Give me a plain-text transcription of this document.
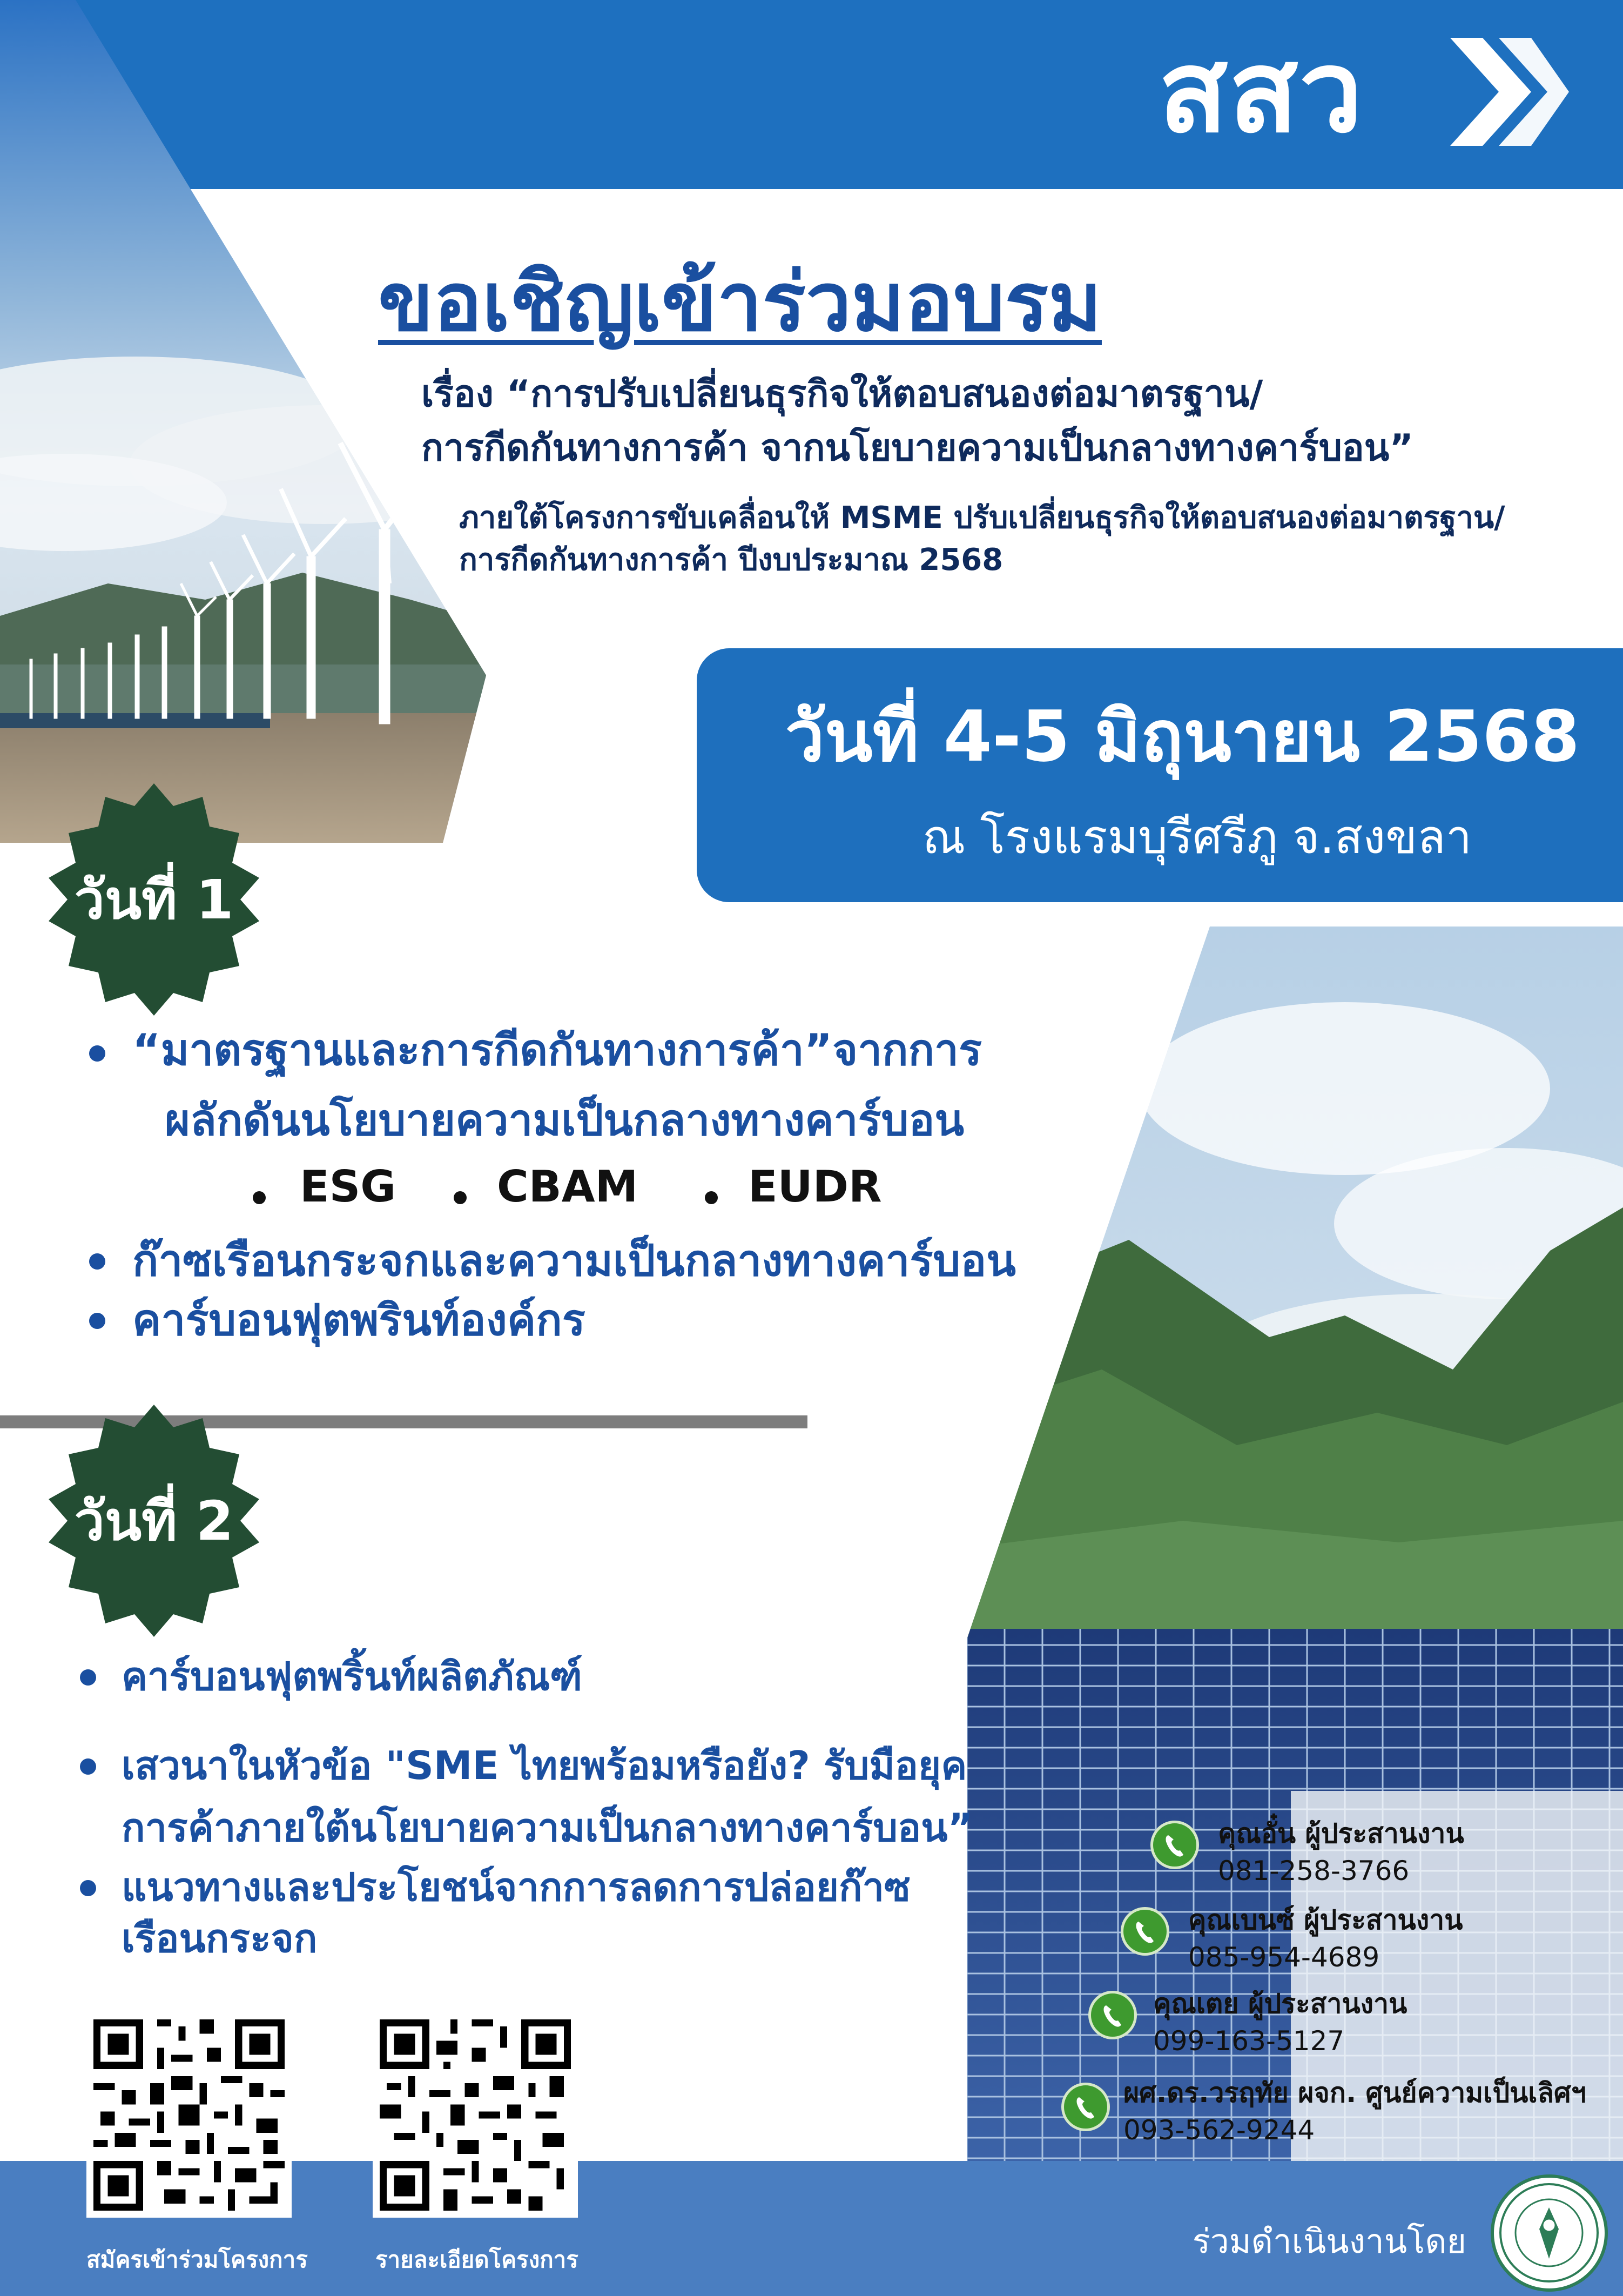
สสว
ขอเชิญเข้าร่วมอบรม
เรื่อง “การปรับเปลี่ยนธุรกิจให้ตอบสนองต่อมาตรฐาน/
การกีดกันทางการค้า จากนโยบายความเป็นกลางทางคาร์บอน”
ภายใต้โครงการขับเคลื่อนให้ MSME ปรับเปลี่ยนธุรกิจให้ตอบสนองต่อมาตรฐาน/
การกีดกันทางการค้า ปีงบประมาณ 2568
วันที่ 4-5 มิถุนายน 2568
ณ โรงแรมบุรีศรีภู จ.สงขลา
วันที่ 1
“มาตรฐานและการกีดกันทางการค้า”จากการ
ผลักดันนโยบายความเป็นกลางทางคาร์บอน
ESG CBAM	EUDR
ก๊าซเรือนกระจกและความเป็นกลางทางคาร์บอน
คาร์บอนฟุตพรินท์องค์กร
วันที่ 2
คาร์บอนฟุตพริ้นท์ผลิตภัณฑ์
เสวนาในหัวข้อ "SME ไทยพร้อมหรือยัง? รับมือยุค
การค้าภายใต้นโยบายความเป็นกลางทางคาร์บอน”
แนวทางและประโยชน์จากการลดการปล่อยก๊าซ
เรือนกระจก
คุณอั๋น ผู้ประสานงาน
081-258-3766
คุณเบนซ์ ผู้ประสานงาน
085-954-4689
คุณเตย ผู้ประสานงาน
099-163-5127
ผศ.ดร.วรฤทัย ผจก. ศูนย์ความเป็นเลิศฯ
093-562-9244
สมัครเข้าร่วมโครงการ	รายละเอียดโครงการ	ร่วมดำเนินงานโดย
